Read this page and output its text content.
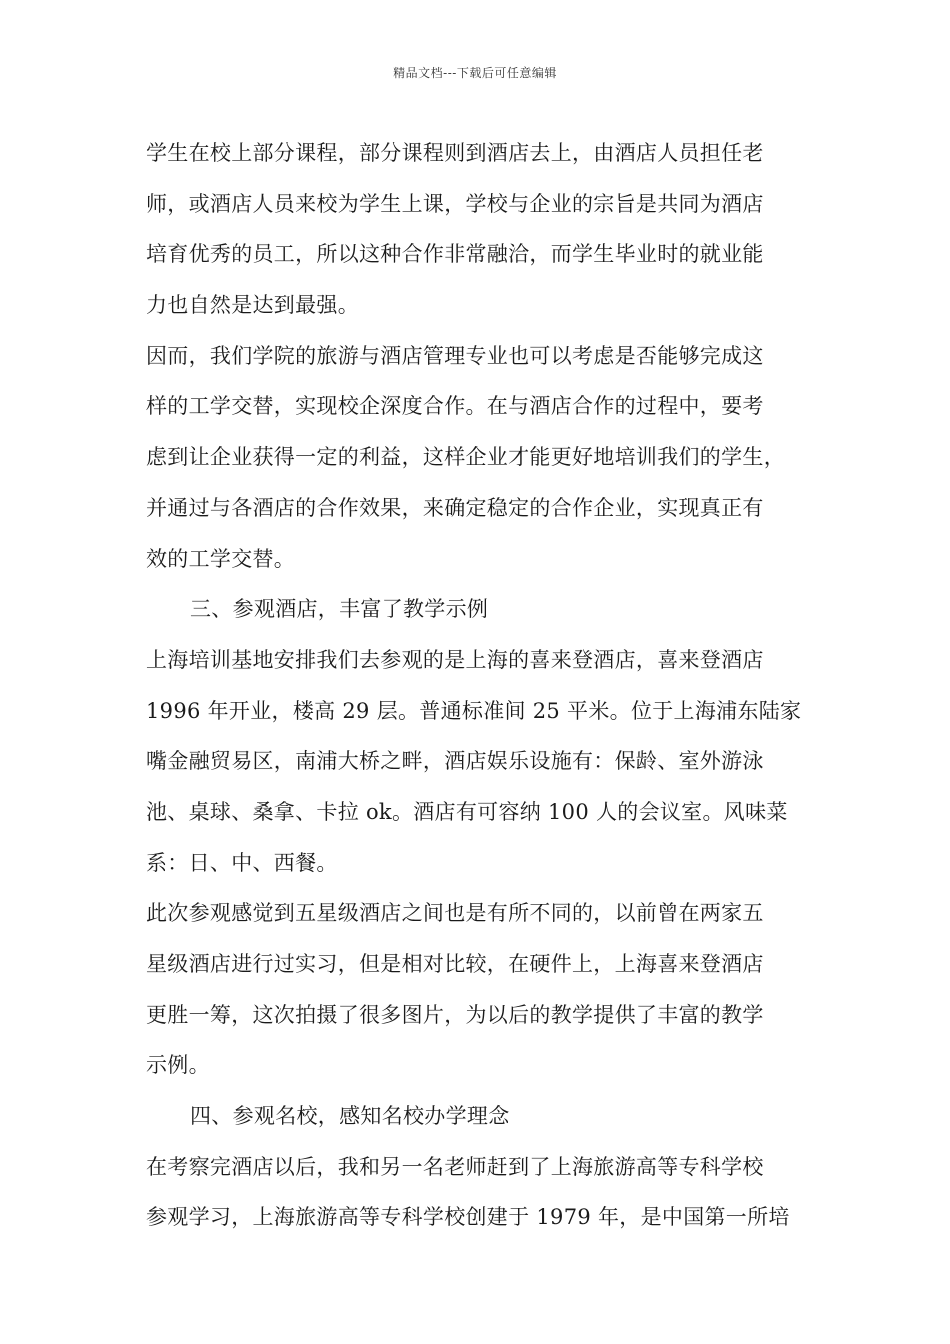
精品文档---下载后可任意编辑
学生在校上部分课程，部分课程则到酒店去上，由酒店人员担任老
师，或酒店人员来校为学生上课，学校与企业的宗旨是共同为酒店
培育优秀的员工，所以这种合作非常融洽，而学生毕业时的就业能
力也自然是达到最强。
因而，我们学院的旅游与酒店管理专业也可以考虑是否能够完成这
样的工学交替，实现校企深度合作。在与酒店合作的过程中，要考
虑到让企业获得一定的利益，这样企业才能更好地培训我们的学生，
并通过与各酒店的合作效果，来确定稳定的合作企业，实现真正有
效的工学交替。
三、参观酒店，丰富了教学示例
上海培训基地安排我们去参观的是上海的喜来登酒店，喜来登酒店
1996 年开业，楼高 29 层。普通标准间 25 平米。位于上海浦东陆家
嘴金融贸易区，南浦大桥之畔，酒店娱乐设施有：保龄、室外游泳
池、桌球、桑拿、卡拉 ok。酒店有可容纳 100 人的会议室。风味菜
系：日、中、西餐。
此次参观感觉到五星级酒店之间也是有所不同的，以前曾在两家五
星级酒店进行过实习，但是相对比较，在硬件上，上海喜来登酒店
更胜一筹，这次拍摄了很多图片，为以后的教学提供了丰富的教学
示例。
四、参观名校，感知名校办学理念
在考察完酒店以后，我和另一名老师赶到了上海旅游高等专科学校
参观学习，上海旅游高等专科学校创建于 1979 年，是中国第一所培
